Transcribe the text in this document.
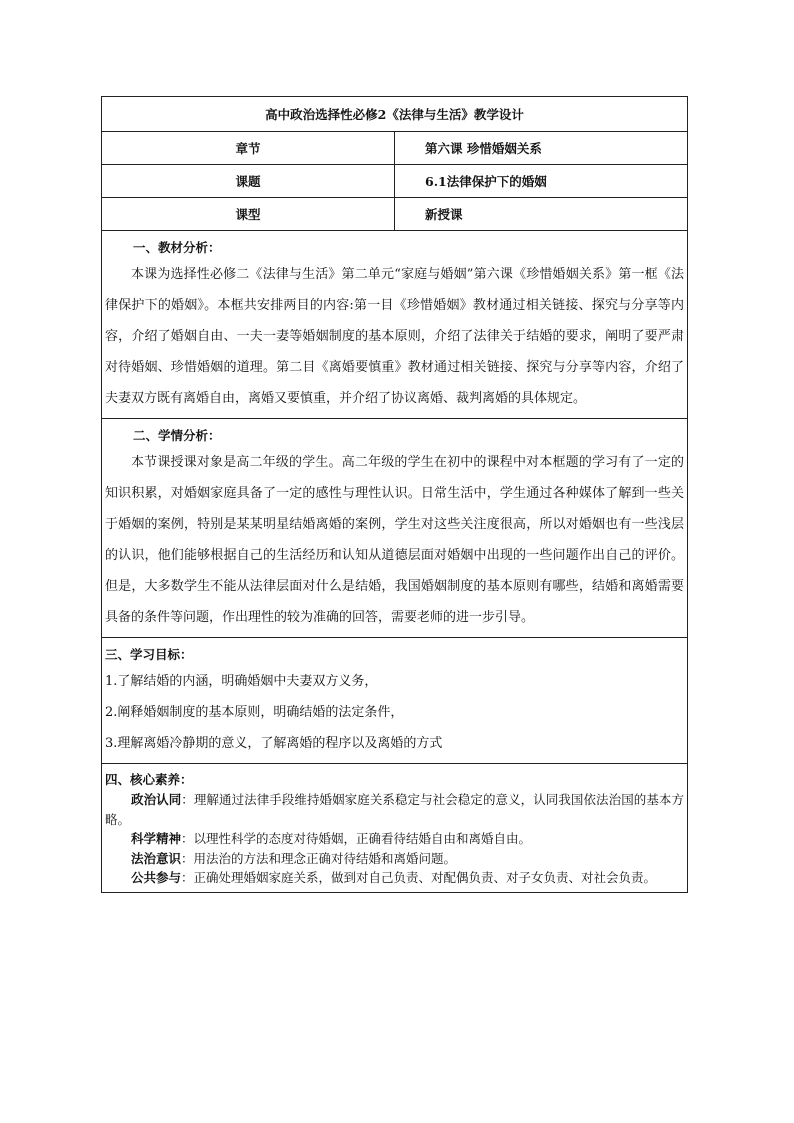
高中政治选择性必修2《法律与生活》教学设计	
章节	第六课 珍惜婚姻关系
课题	6.1法律保护下的婚姻
课型	新授课

一、教材分析：

本课为选择性必修二《法律与生活》第二单元“家庭与婚姻”第六课《珍惜婚姻关系》第一框《法律保护下的婚姻》。本框共安排两目的内容:第一目《珍惜婚姻》教材通过相关链接、探究与分享等内容，介绍了婚姻自由、一夫一妻等婚姻制度的基本原则，介绍了法律关于结婚的要求，阐明了要严肃对待婚姻、珍惜婚姻的道理。第二目《离婚要慎重》教材通过相关链接、探究与分享等内容，介绍了夫妻双方既有离婚自由，离婚又要慎重，并介绍了协议离婚、裁判离婚的具体规定。	

二、学情分析：

本节课授课对象是高二年级的学生。高二年级的学生在初中的课程中对本框题的学习有了一定的知识积累，对婚姻家庭具备了一定的感性与理性认识。日常生活中，学生通过各种媒体了解到一些关于婚姻的案例，特别是某某明星结婚离婚的案例，学生对这些关注度很高，所以对婚姻也有一些浅层的认识，他们能够根据自己的生活经历和认知从道德层面对婚姻中出现的一些问题作出自己的评价。但是，大多数学生不能从法律层面对什么是结婚，我国婚姻制度的基本原则有哪些，结婚和离婚需要具备的条件等问题，作出理性的较为准确的回答，需要老师的进一步引导。	

三、学习目标：

1.了解结婚的内涵，明确婚姻中夫妻双方义务，

2.阐释婚姻制度的基本原则，明确结婚的法定条件，

3.理解离婚冷静期的意义，了解离婚的程序以及离婚的方式	

四、核心素养：

政治认同：理解通过法律手段维持婚姻家庭关系稳定与社会稳定的意义，认同我国依法治国的基本方略。

科学精神：以理性科学的态度对待婚姻，正确看待结婚自由和离婚自由。

法治意识：用法治的方法和理念正确对待结婚和离婚问题。

公共参与：正确处理婚姻家庭关系，做到对自己负责、对配偶负责、对子女负责、对社会负责。	
